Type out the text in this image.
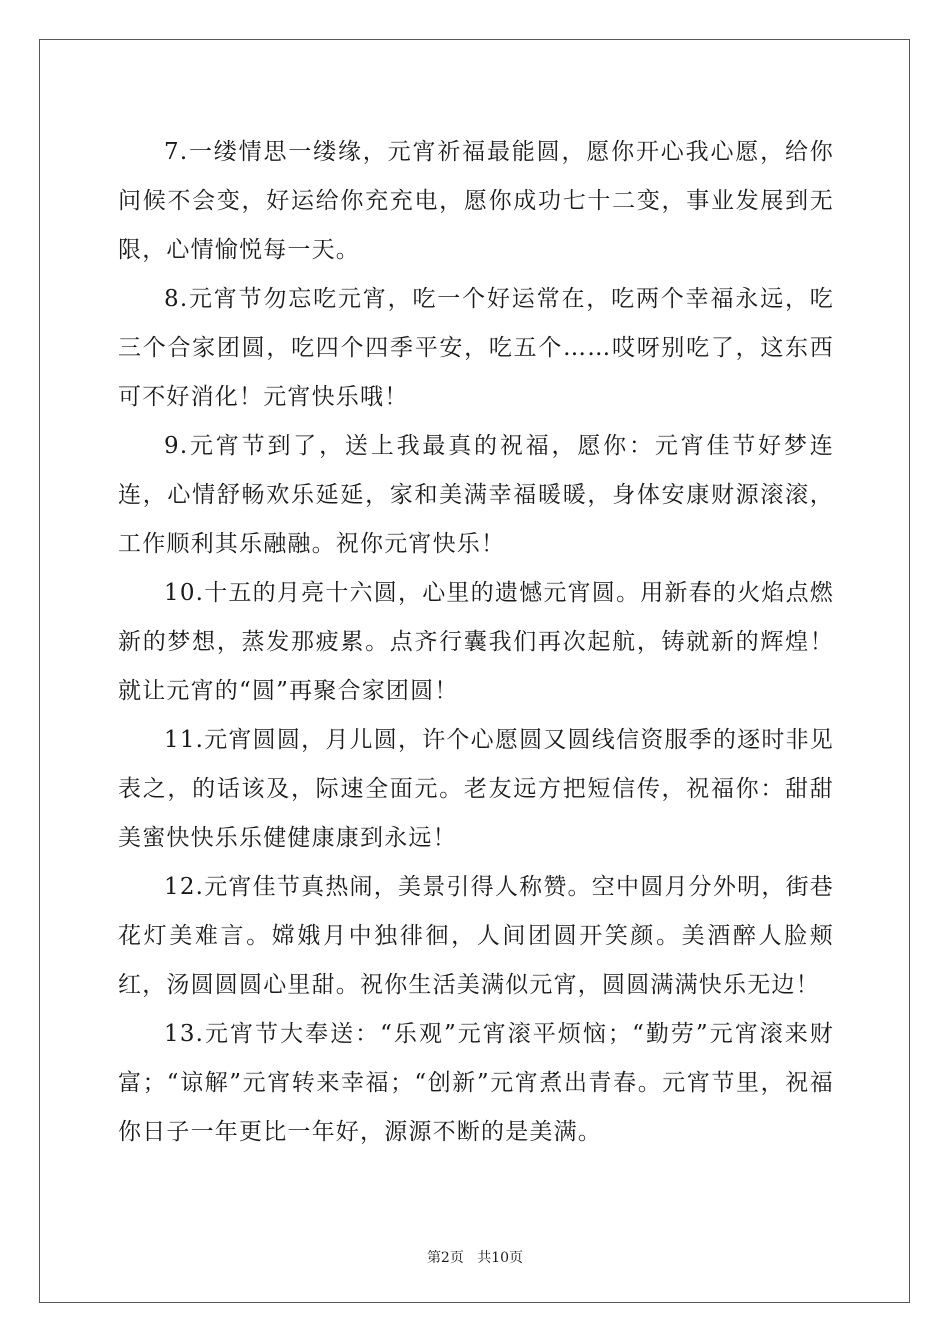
7.一缕情思一缕缘，元宵祈福最能圆，愿你开心我心愿，给你问候不会变，好运给你充充电，愿你成功七十二变，事业发展到无限，心情愉悦每一天。

8.元宵节勿忘吃元宵，吃一个好运常在，吃两个幸福永远，吃三个合家团圆，吃四个四季平安，吃五个……哎呀别吃了，这东西可不好消化！元宵快乐哦！

9.元宵节到了，送上我最真的祝福，愿你：元宵佳节好梦连连，心情舒畅欢乐延延，家和美满幸福暖暖，身体安康财源滚滚，工作顺利其乐融融。祝你元宵快乐！

10.十五的月亮十六圆，心里的遗憾元宵圆。用新春的火焰点燃新的梦想，蒸发那疲累。点齐行囊我们再次起航，铸就新的辉煌！就让元宵的“圆”再聚合家团圆！

11.元宵圆圆，月儿圆，许个心愿圆又圆线信资服季的逐时非见表之，的话该及，际速全面元。老友远方把短信传，祝福你：甜甜美蜜快快乐乐健健康康到永远！

12.元宵佳节真热闹，美景引得人称赞。空中圆月分外明，街巷花灯美难言。嫦娥月中独徘徊，人间团圆开笑颜。美酒醉人脸颊红，汤圆圆圆心里甜。祝你生活美满似元宵，圆圆满满快乐无边！

13.元宵节大奉送：“乐观”元宵滚平烦恼；“勤劳”元宵滚来财富；“谅解”元宵转来幸福；“创新”元宵煮出青春。元宵节里，祝福你日子一年更比一年好，源源不断的是美满。

第2页 共10页
